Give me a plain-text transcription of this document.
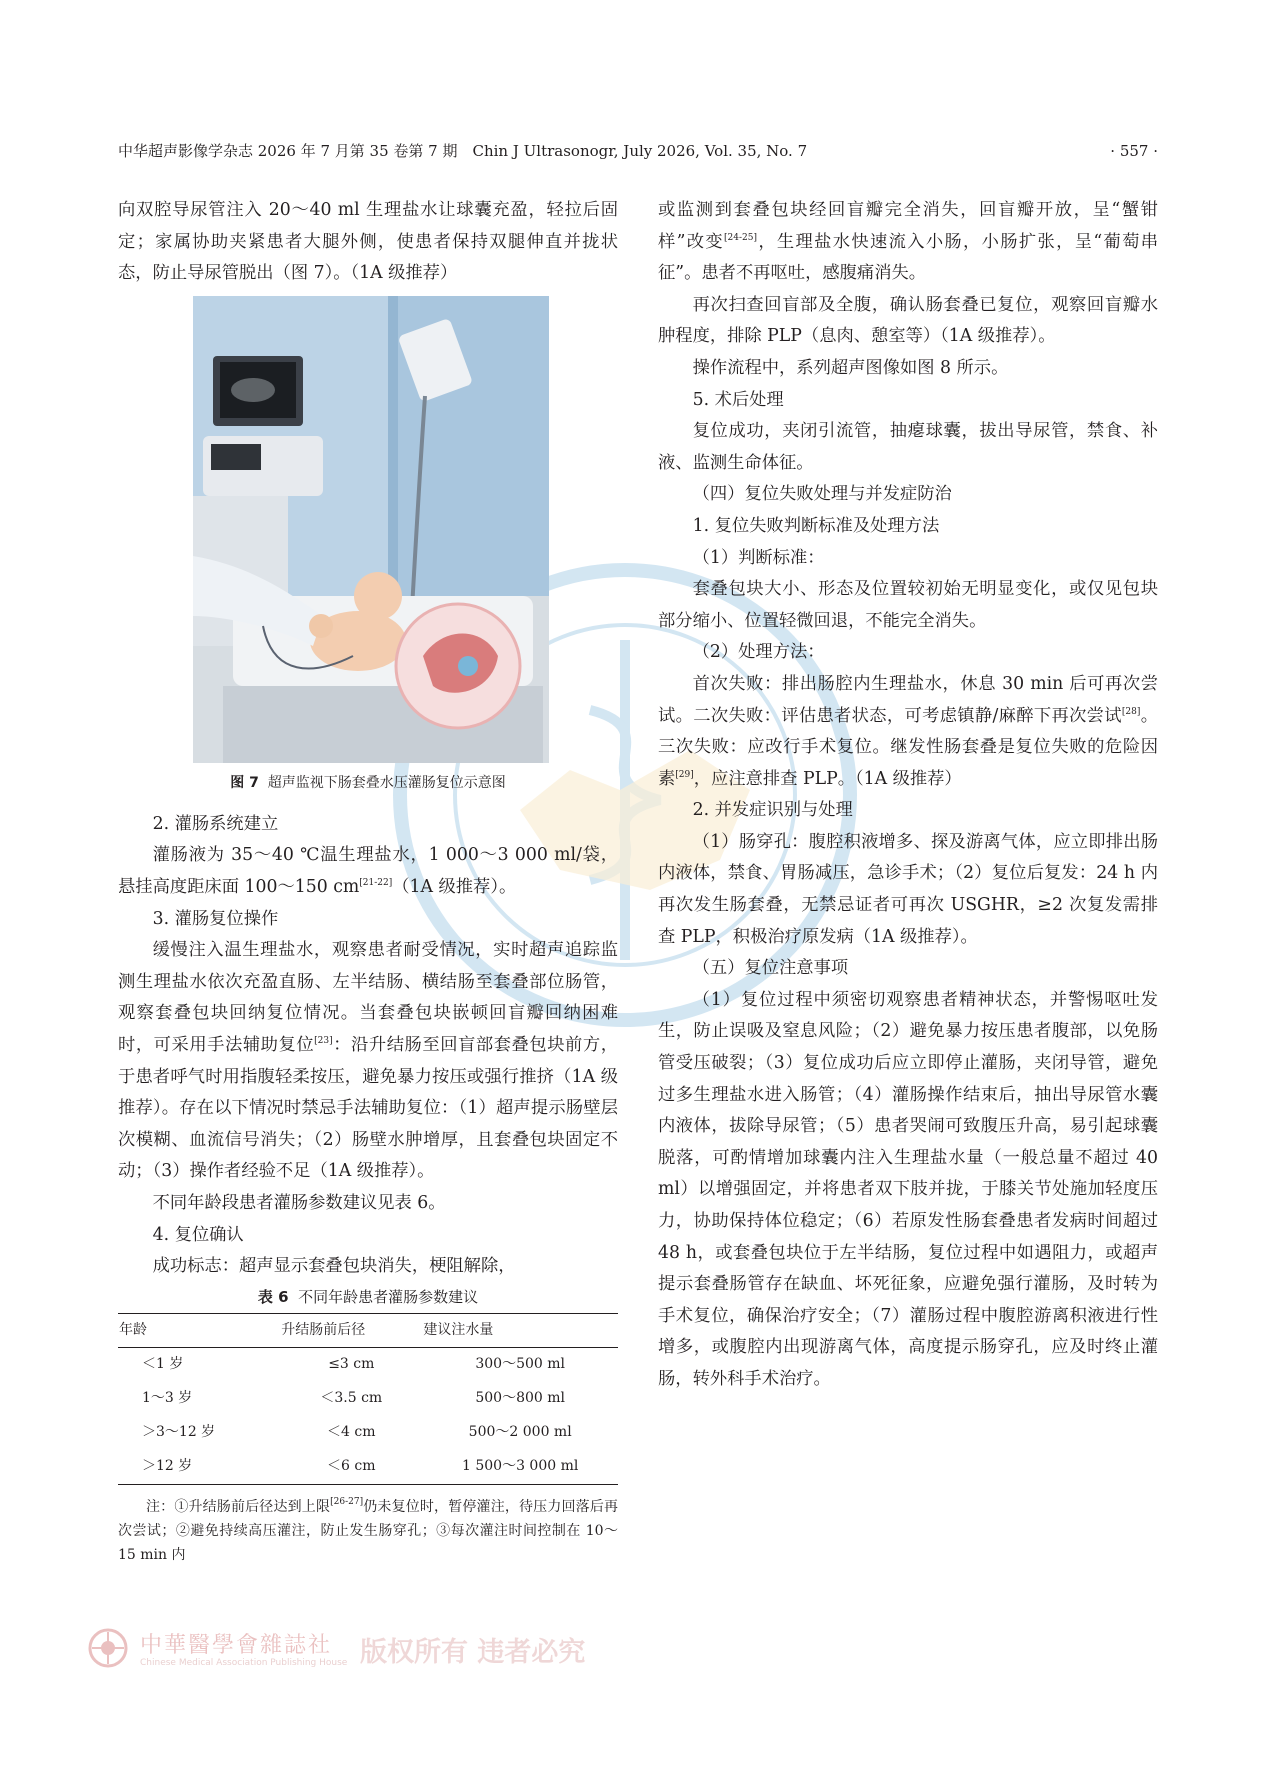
中华超声影像学杂志 2026 年 7 月第 35 卷第 7 期　Chin J Ultrasonogr, July 2026, Vol. 35, No. 7	· 557 ·

向双腔导尿管注入 20～40 ml 生理盐水让球囊充盈，轻拉后固定；家属协助夹紧患者大腿外侧，使患者保持双腿伸直并拢状态，防止导尿管脱出（图 7）。（1A 级推荐）

图 7 超声监视下肠套叠水压灌肠复位示意图

2. 灌肠系统建立

灌肠液为 35～40 ℃温生理盐水，1 000～3 000 ml/袋，悬挂高度距床面 100～150 cm[21-22]（1A 级推荐）。

3. 灌肠复位操作

缓慢注入温生理盐水，观察患者耐受情况，实时超声追踪监测生理盐水依次充盈直肠、左半结肠、横结肠至套叠部位肠管，观察套叠包块回纳复位情况。当套叠包块嵌顿回盲瓣回纳困难时，可采用手法辅助复位[23]：沿升结肠至回盲部套叠包块前方，于患者呼气时用指腹轻柔按压，避免暴力按压或强行推挤（1A 级推荐）。存在以下情况时禁忌手法辅助复位：（1）超声提示肠壁层次模糊、血流信号消失；（2）肠壁水肿增厚，且套叠包块固定不动；（3）操作者经验不足（1A 级推荐）。

不同年龄段患者灌肠参数建议见表 6。

4. 复位确认

成功标志：超声显示套叠包块消失，梗阻解除，

表 6 不同年龄患者灌肠参数建议
年龄	升结肠前后径	建议注水量
＜1 岁	≤3 cm	300～500 ml
1～3 岁	＜3.5 cm	500～800 ml
＞3～12 岁	＜4 cm	500～2 000 ml
＞12 岁	＜6 cm	1 500～3 000 ml

注：①升结肠前后径达到上限[26-27]仍未复位时，暂停灌注，待压力回落后再次尝试；②避免持续高压灌注，防止发生肠穿孔；③每次灌注时间控制在 10～15 min 内

或监测到套叠包块经回盲瓣完全消失，回盲瓣开放，呈“蟹钳样”改变[24-25]，生理盐水快速流入小肠，小肠扩张，呈“葡萄串征”。患者不再呕吐，感腹痛消失。

再次扫查回盲部及全腹，确认肠套叠已复位，观察回盲瓣水肿程度，排除 PLP（息肉、憩室等）（1A 级推荐）。

操作流程中，系列超声图像如图 8 所示。

5. 术后处理

复位成功，夹闭引流管，抽瘪球囊，拔出导尿管，禁食、补液、监测生命体征。

（四）复位失败处理与并发症防治

1. 复位失败判断标准及处理方法

（1）判断标准：

套叠包块大小、形态及位置较初始无明显变化，或仅见包块部分缩小、位置轻微回退，不能完全消失。

（2）处理方法：

首次失败：排出肠腔内生理盐水，休息 30 min 后可再次尝试。二次失败：评估患者状态，可考虑镇静/麻醉下再次尝试[28]。三次失败：应改行手术复位。继发性肠套叠是复位失败的危险因素[29]，应注意排查 PLP。（1A 级推荐）

2. 并发症识别与处理

（1）肠穿孔：腹腔积液增多、探及游离气体，应立即排出肠内液体，禁食、胃肠减压，急诊手术；（2）复位后复发：24 h 内再次发生肠套叠，无禁忌证者可再次 USGHR，≥2 次复发需排查 PLP，积极治疗原发病（1A 级推荐）。

（五）复位注意事项

（1）复位过程中须密切观察患者精神状态，并警惕呕吐发生，防止误吸及窒息风险；（2）避免暴力按压患者腹部，以免肠管受压破裂；（3）复位成功后应立即停止灌肠，夹闭导管，避免过多生理盐水进入肠管；（4）灌肠操作结束后，抽出导尿管水囊内液体，拔除导尿管；（5）患者哭闹可致腹压升高，易引起球囊脱落，可酌情增加球囊内注入生理盐水量（一般总量不超过 40 ml）以增强固定，并将患者双下肢并拢，于膝关节处施加轻度压力，协助保持体位稳定；（6）若原发性肠套叠患者发病时间超过 48 h，或套叠包块位于左半结肠，复位过程中如遇阻力，或超声提示套叠肠管存在缺血、坏死征象，应避免强行灌肠，及时转为手术复位，确保治疗安全；（7）灌肠过程中腹腔游离积液进行性增多，或腹腔内出现游离气体，高度提示肠穿孔，应及时终止灌肠，转外科手术治疗。

中華醫學會雜誌社
Chinese Medical Association Publishing House 版权所有 违者必究
